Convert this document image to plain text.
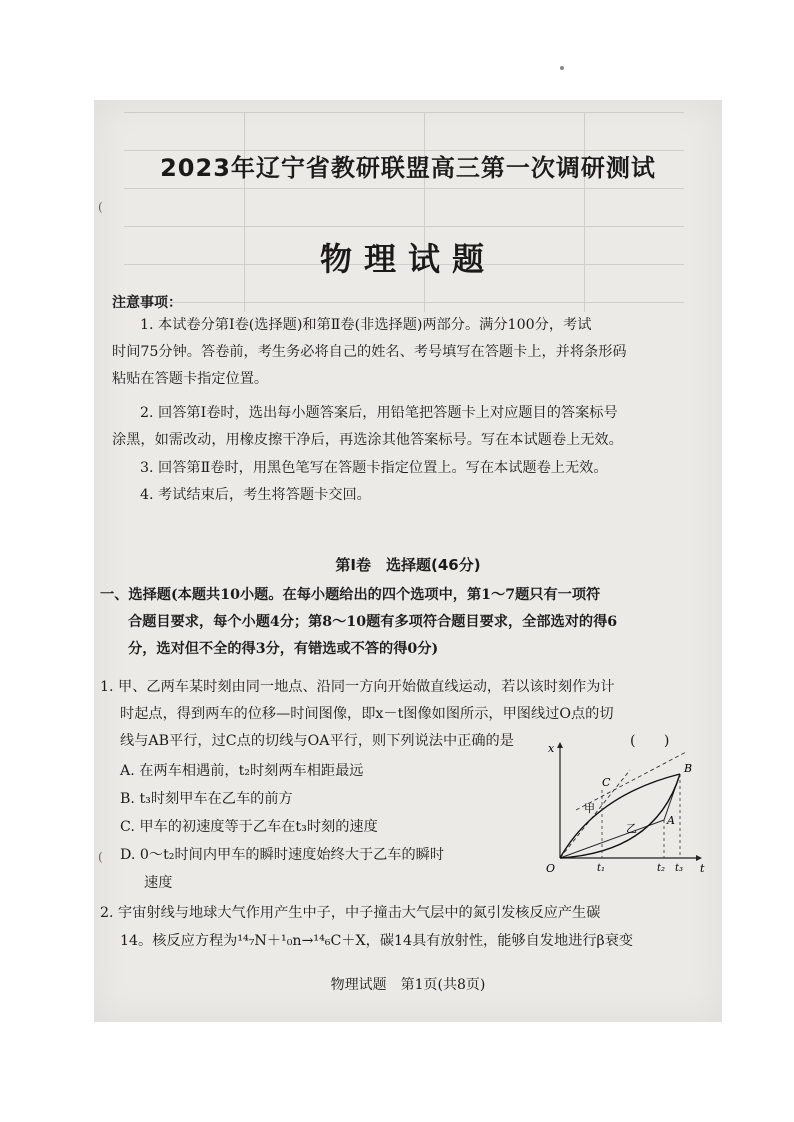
(
(
2023年辽宁省教研联盟高三第一次调研测试
物理试题
注意事项：
1. 本试卷分第Ⅰ卷(选择题)和第Ⅱ卷(非选择题)两部分。满分100分，考试
时间75分钟。答卷前，考生务必将自己的姓名、考号填写在答题卡上，并将条形码
粘贴在答题卡指定位置。
2. 回答第Ⅰ卷时，选出每小题答案后，用铅笔把答题卡上对应题目的答案标号
涂黑，如需改动，用橡皮擦干净后，再选涂其他答案标号。写在本试题卷上无效。
3. 回答第Ⅱ卷时，用黑色笔写在答题卡指定位置上。写在本试题卷上无效。
4. 考试结束后，考生将答题卡交回。
第Ⅰ卷　选择题(46分)
一、选择题(本题共10小题。在每小题给出的四个选项中，第1～7题只有一项符
合题目要求，每个小题4分；第8～10题有多项符合题目要求，全部选对的得6
分，选对但不全的得3分，有错选或不答的得0分)
1. 甲、乙两车某时刻由同一地点、沿同一方向开始做直线运动，若以该时刻作为计
时起点，得到两车的位移—时间图像，即x－t图像如图所示，甲图线过O点的切
线与AB平行，过C点的切线与OA平行，则下列说法中正确的是	(　　)
A. 在两车相遇前，t₂时刻两车相距最远
B. t₃时刻甲车在乙车的前方
C. 甲车的初速度等于乙车在t₃时刻的速度
D. 0～t₂时间内甲车的瞬时速度始终大于乙车的瞬时
速度
x
t
O
C
A
B
甲
乙
t₁	t₂ t₃
2. 宇宙射线与地球大气作用产生中子，中子撞击大气层中的氮引发核反应产生碳
14。核反应方程为¹⁴₇N＋¹₀n→¹⁴₆C＋X，碳14具有放射性，能够自发地进行β衰变
物理试题　第1页(共8页)
